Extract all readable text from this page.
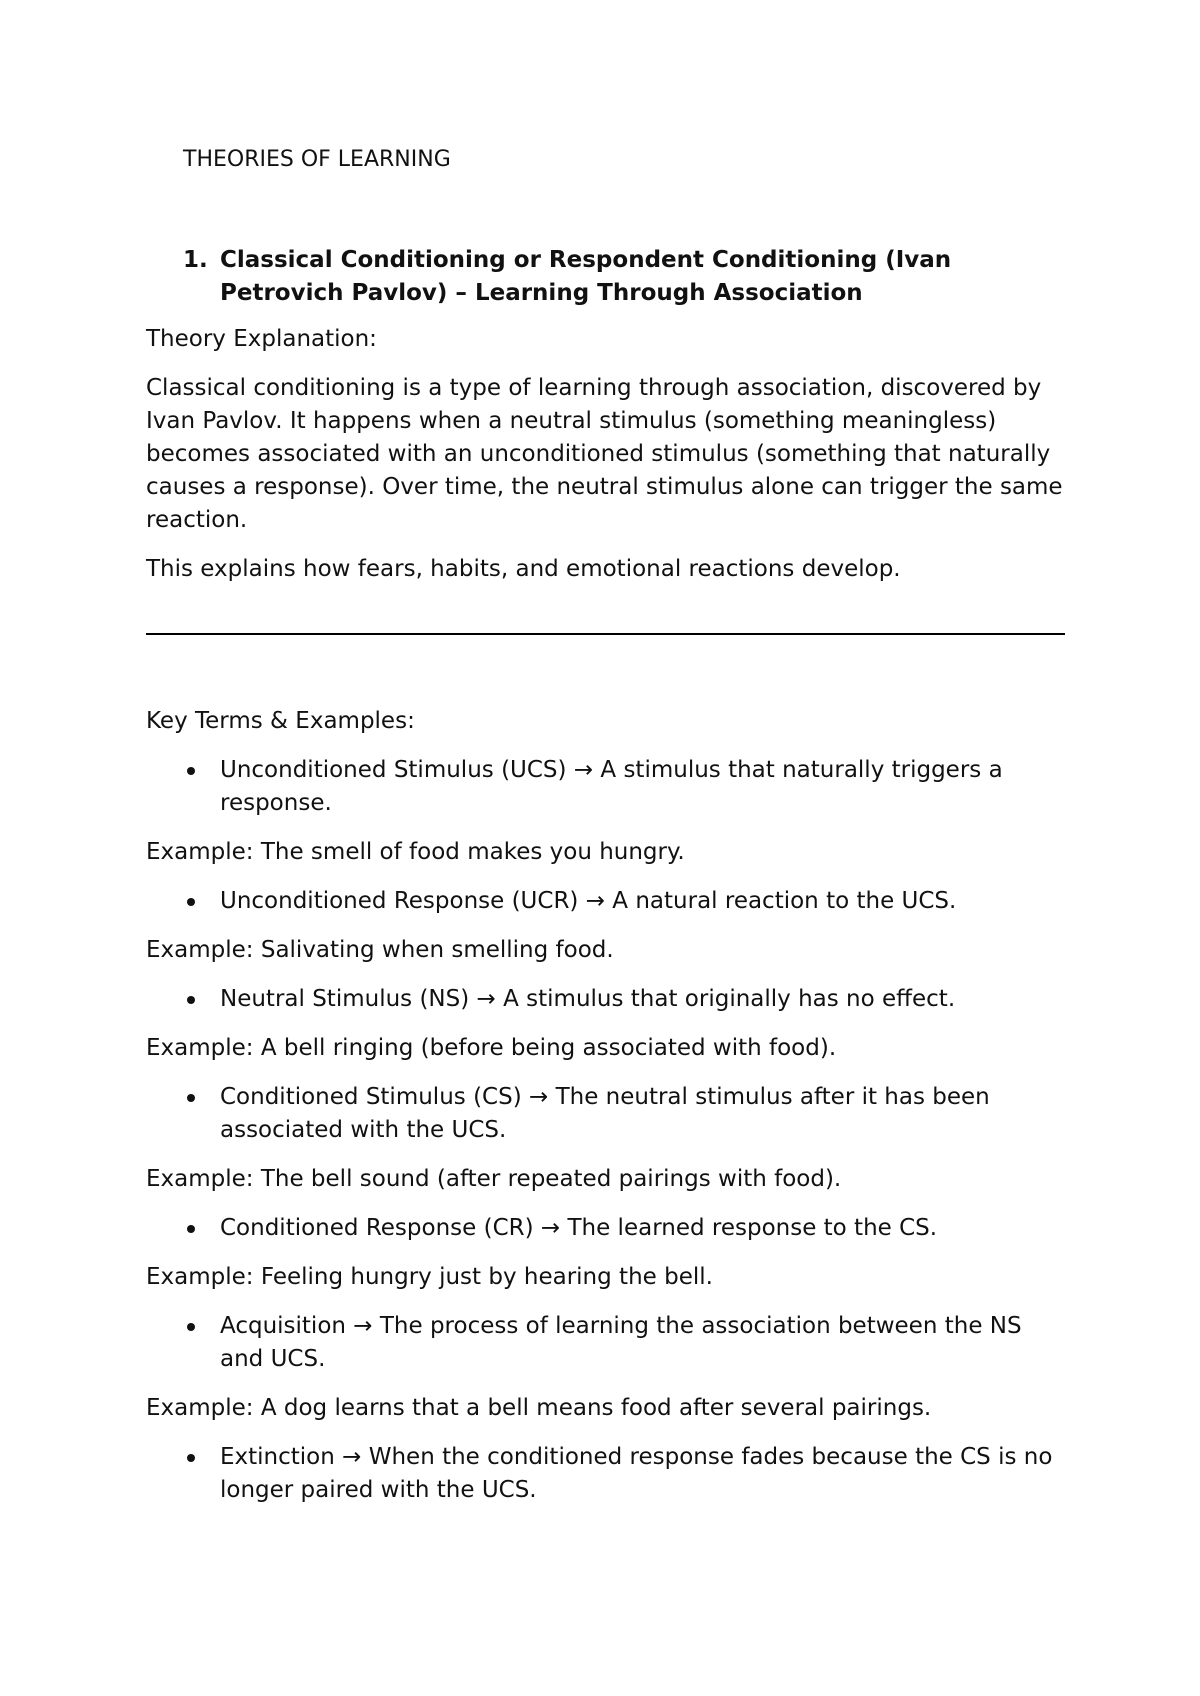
THEORIES OF LEARNING
1. Classical Conditioning or Respondent Conditioning (Ivan Petrovich Pavlov) – Learning Through Association

Theory Explanation:

Classical conditioning is a type of learning through association, discovered by Ivan Pavlov. It happens when a neutral stimulus (something meaningless) becomes associated with an unconditioned stimulus (something that naturally causes a response). Over time, the neutral stimulus alone can trigger the same reaction.

This explains how fears, habits, and emotional reactions develop.

Key Terms & Examples:

Unconditioned Stimulus (UCS) → A stimulus that naturally triggers a response.

Example: The smell of food makes you hungry.

Unconditioned Response (UCR) → A natural reaction to the UCS.

Example: Salivating when smelling food.

Neutral Stimulus (NS) → A stimulus that originally has no effect.

Example: A bell ringing (before being associated with food).

Conditioned Stimulus (CS) → The neutral stimulus after it has been associated with the UCS.

Example: The bell sound (after repeated pairings with food).

Conditioned Response (CR) → The learned response to the CS.

Example: Feeling hungry just by hearing the bell.

Acquisition → The process of learning the association between the NS and UCS.

Example: A dog learns that a bell means food after several pairings.

Extinction → When the conditioned response fades because the CS is no longer paired with the UCS.
